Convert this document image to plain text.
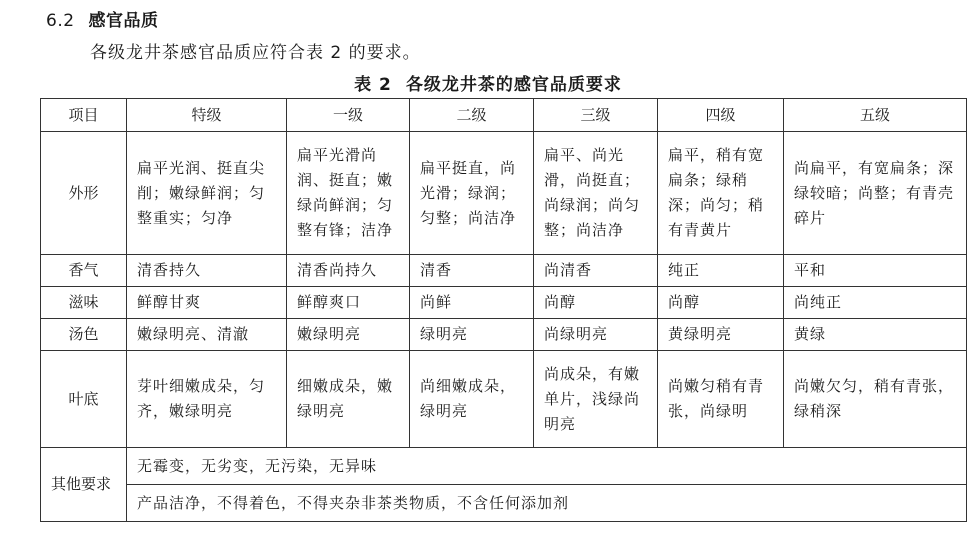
6.2 感官品质
各级龙井茶感官品质应符合表 2 的要求。
表 2 各级龙井茶的感官品质要求
项目	特级	一级	二级	三级	四级	五级
外形	扁平光润、挺直尖削；嫩绿鲜润；匀整重实；匀净	扁平光滑尚润、挺直；嫩绿尚鲜润；匀整有锋；洁净	扁平挺直，尚光滑；绿润；匀整；尚洁净	扁平、尚光滑，尚挺直；尚绿润；尚匀整；尚洁净	扁平，稍有宽扁条；绿稍深；尚匀；稍有青黄片	尚扁平，有宽扁条；深绿较暗；尚整；有青壳碎片
香气	清香持久	清香尚持久	清香	尚清香	纯正	平和
滋味	鲜醇甘爽	鲜醇爽口	尚鲜	尚醇	尚醇	尚纯正
汤色	嫩绿明亮、清澈	嫩绿明亮	绿明亮	尚绿明亮	黄绿明亮	黄绿
叶底	芽叶细嫩成朵，匀齐，嫩绿明亮	细嫩成朵，嫩绿明亮	尚细嫩成朵，绿明亮	尚成朵，有嫩单片，浅绿尚明亮	尚嫩匀稍有青张，尚绿明	尚嫩欠匀，稍有青张，绿稍深
其他要求	无霉变，无劣变，无污染，无异味					
	产品洁净，不得着色，不得夹杂非茶类物质，不含任何添加剂					
